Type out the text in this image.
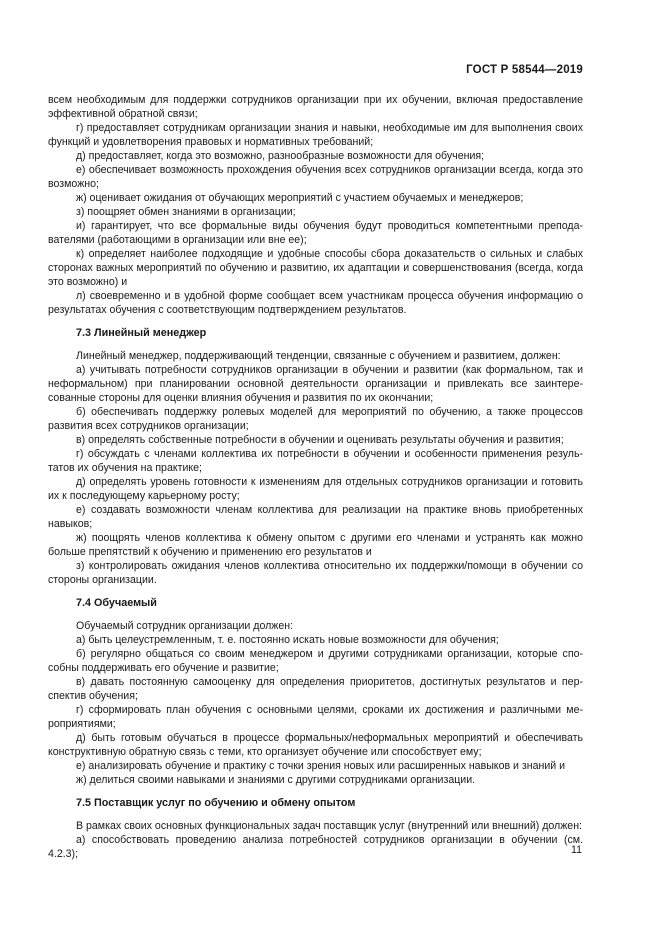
ГОСТ Р 58544—2019

всем необходимым для поддержки сотрудников организации при их обучении, включая предоставление эффективной обратной связи;

г) предоставляет сотрудникам организации знания и навыки, необходимые им для выполнения своих функций и удовлетворения правовых и нормативных требований;

д) предоставляет, когда это возможно, разнообразные возможности для обучения;

е) обеспечивает возможность прохождения обучения всех сотрудников организации всегда, когда это возможно;

ж) оценивает ожидания от обучающих мероприятий с участием обучаемых и менеджеров;

з) поощряет обмен знаниями в организации;

и) гарантирует, что все формальные виды обучения будут проводиться компетентными преподавателями (работающими в организации или вне ее);

к) определяет наиболее подходящие и удобные способы сбора доказательств о сильных и слабых сторонах важных мероприятий по обучению и развитию, их адаптации и совершенствования (всегда, когда это возможно) и

л) своевременно и в удобной форме сообщает всем участникам процесса обучения информацию о результатах обучения с соответствующим подтверждением результатов.

7.3 Линейный менеджер

Линейный менеджер, поддерживающий тенденции, связанные с обучением и развитием, должен:

а) учитывать потребности сотрудников организации в обучении и развитии (как формальном, так и неформальном) при планировании основной деятельности организации и привлекать все заинтересованные стороны для оценки влияния обучения и развития по их окончании;

б) обеспечивать поддержку ролевых моделей для мероприятий по обучению, а также процессов развития всех сотрудников организации;

в) определять собственные потребности в обучении и оценивать результаты обучения и развития;

г) обсуждать с членами коллектива их потребности в обучении и особенности применения результатов их обучения на практике;

д) определять уровень готовности к изменениям для отдельных сотрудников организации и готовить их к последующему карьерному росту;

е) создавать возможности членам коллектива для реализации на практике вновь приобретенных навыков;

ж) поощрять членов коллектива к обмену опытом с другими его членами и устранять как можно больше препятствий к обучению и применению его результатов и

з) контролировать ожидания членов коллектива относительно их поддержки/помощи в обучении со стороны организации.

7.4 Обучаемый

Обучаемый сотрудник организации должен:

а) быть целеустремленным, т. е. постоянно искать новые возможности для обучения;

б) регулярно общаться со своим менеджером и другими сотрудниками организации, которые способны поддерживать его обучение и развитие;

в) давать постоянную самооценку для определения приоритетов, достигнутых результатов и перспектив обучения;

г) сформировать план обучения с основными целями, сроками их достижения и различными мероприятиями;

д) быть готовым обучаться в процессе формальных/неформальных мероприятий и обеспечивать конструктивную обратную связь с теми, кто организует обучение или способствует ему;

е) анализировать обучение и практику с точки зрения новых или расширенных навыков и знаний и

ж) делиться своими навыками и знаниями с другими сотрудниками организации.

7.5 Поставщик услуг по обучению и обмену опытом

В рамках своих основных функциональных задач поставщик услуг (внутренний или внешний) должен:

а) способствовать проведению анализа потребностей сотрудников организации в обучении (см. 4.2.3);	11
